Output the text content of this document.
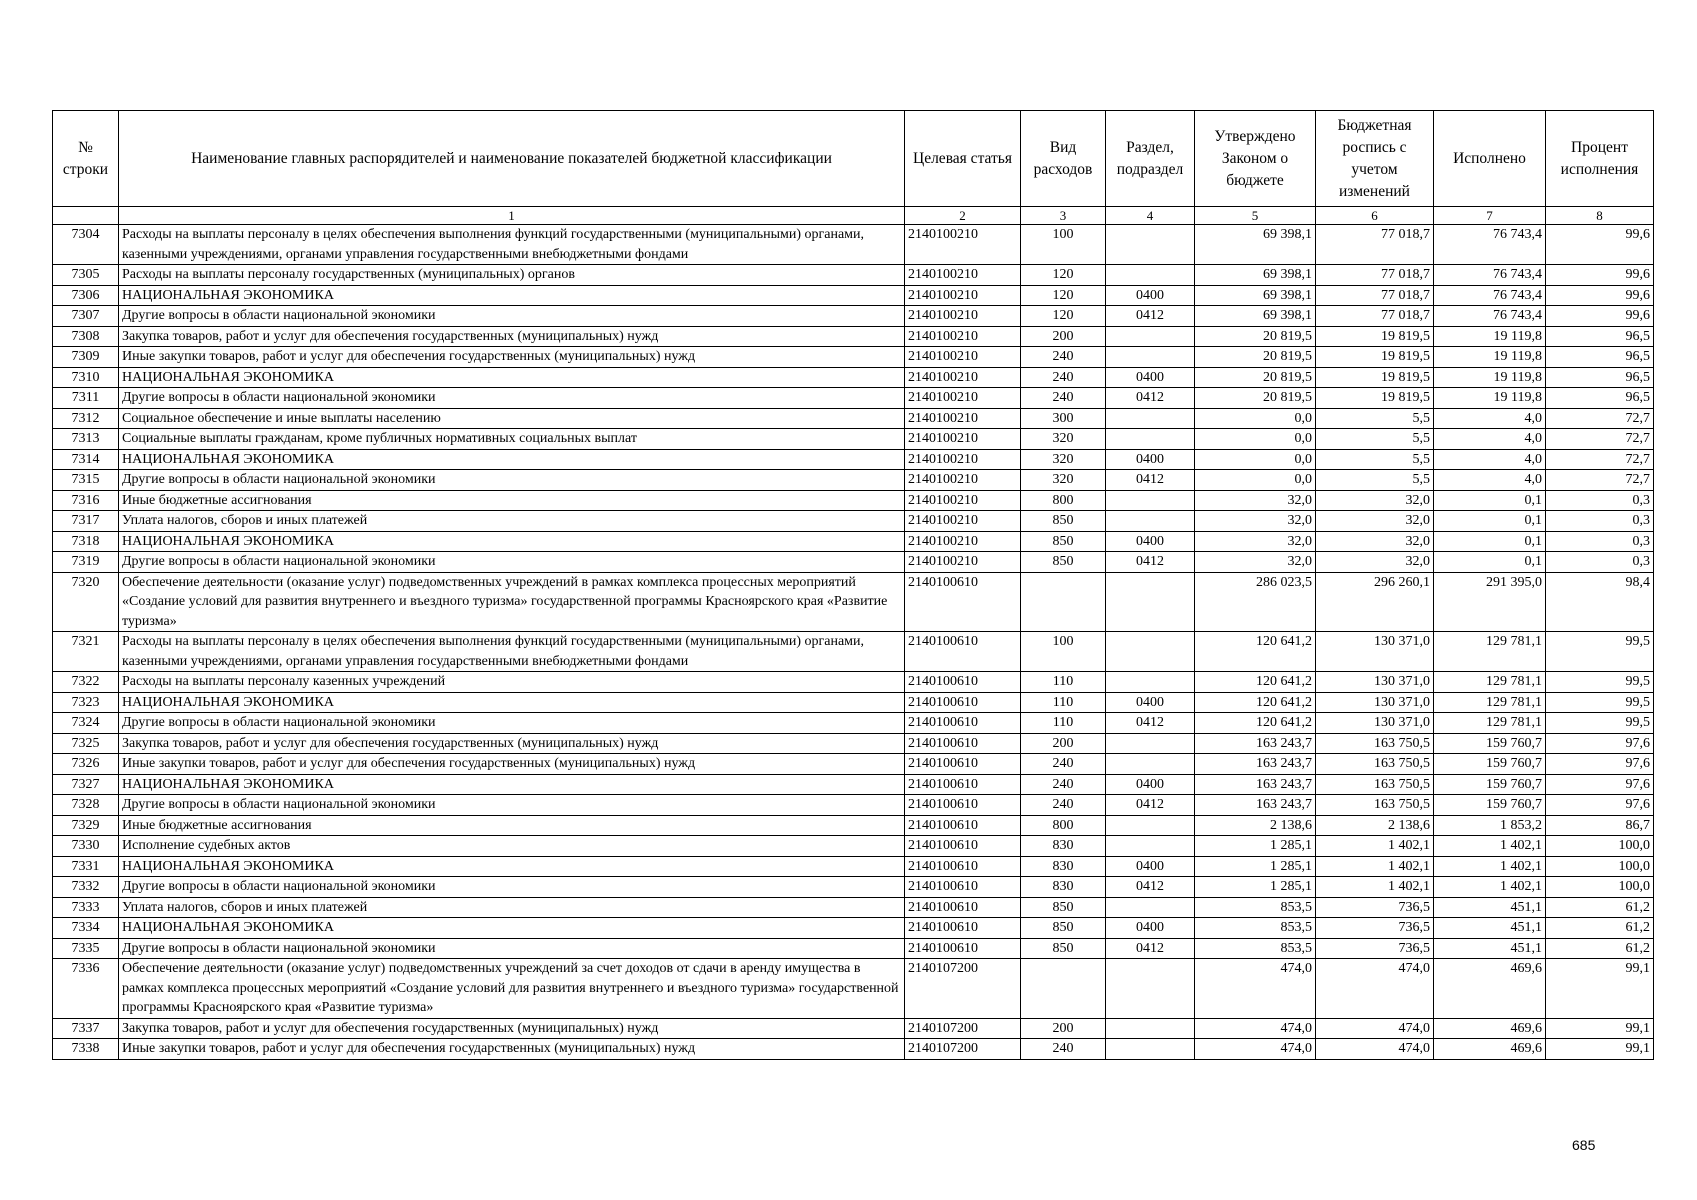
№ строки	Наименование главных распорядителей и наименование показателей бюджетной классификации	Целевая статья	Вид расходов	Раздел, подраздел	Утверждено Законом о бюджете	Бюджетная роспись с учетом изменений	Исполнено	Процент исполнения
	1	2	3	4	5	6	7	8
7304	Расходы на выплаты персоналу в целях обеспечения выполнения функций государственными (муниципальными) органами, казенными учреждениями, органами управления государственными внебюджетными фондами	2140100210	100		69 398,1	77 018,7	76 743,4	99,6
7305	Расходы на выплаты персоналу государственных (муниципальных) органов	2140100210	120		69 398,1	77 018,7	76 743,4	99,6
7306	НАЦИОНАЛЬНАЯ ЭКОНОМИКА	2140100210	120	0400	69 398,1	77 018,7	76 743,4	99,6
7307	Другие вопросы в области национальной экономики	2140100210	120	0412	69 398,1	77 018,7	76 743,4	99,6
7308	Закупка товаров, работ и услуг для обеспечения государственных (муниципальных) нужд	2140100210	200		20 819,5	19 819,5	19 119,8	96,5
7309	Иные закупки товаров, работ и услуг для обеспечения государственных (муниципальных) нужд	2140100210	240		20 819,5	19 819,5	19 119,8	96,5
7310	НАЦИОНАЛЬНАЯ ЭКОНОМИКА	2140100210	240	0400	20 819,5	19 819,5	19 119,8	96,5
7311	Другие вопросы в области национальной экономики	2140100210	240	0412	20 819,5	19 819,5	19 119,8	96,5
7312	Социальное обеспечение и иные выплаты населению	2140100210	300		0,0	5,5	4,0	72,7
7313	Социальные выплаты гражданам, кроме публичных нормативных социальных выплат	2140100210	320		0,0	5,5	4,0	72,7
7314	НАЦИОНАЛЬНАЯ ЭКОНОМИКА	2140100210	320	0400	0,0	5,5	4,0	72,7
7315	Другие вопросы в области национальной экономики	2140100210	320	0412	0,0	5,5	4,0	72,7
7316	Иные бюджетные ассигнования	2140100210	800		32,0	32,0	0,1	0,3
7317	Уплата налогов, сборов и иных платежей	2140100210	850		32,0	32,0	0,1	0,3
7318	НАЦИОНАЛЬНАЯ ЭКОНОМИКА	2140100210	850	0400	32,0	32,0	0,1	0,3
7319	Другие вопросы в области национальной экономики	2140100210	850	0412	32,0	32,0	0,1	0,3
7320	Обеспечение деятельности (оказание услуг) подведомственных учреждений в рамках комплекса процессных мероприятий «Создание условий для развития внутреннего и въездного туризма» государственной программы Красноярского края «Развитие туризма»	2140100610			286 023,5	296 260,1	291 395,0	98,4
7321	Расходы на выплаты персоналу в целях обеспечения выполнения функций государственными (муниципальными) органами, казенными учреждениями, органами управления государственными внебюджетными фондами	2140100610	100		120 641,2	130 371,0	129 781,1	99,5
7322	Расходы на выплаты персоналу казенных учреждений	2140100610	110		120 641,2	130 371,0	129 781,1	99,5
7323	НАЦИОНАЛЬНАЯ ЭКОНОМИКА	2140100610	110	0400	120 641,2	130 371,0	129 781,1	99,5
7324	Другие вопросы в области национальной экономики	2140100610	110	0412	120 641,2	130 371,0	129 781,1	99,5
7325	Закупка товаров, работ и услуг для обеспечения государственных (муниципальных) нужд	2140100610	200		163 243,7	163 750,5	159 760,7	97,6
7326	Иные закупки товаров, работ и услуг для обеспечения государственных (муниципальных) нужд	2140100610	240		163 243,7	163 750,5	159 760,7	97,6
7327	НАЦИОНАЛЬНАЯ ЭКОНОМИКА	2140100610	240	0400	163 243,7	163 750,5	159 760,7	97,6
7328	Другие вопросы в области национальной экономики	2140100610	240	0412	163 243,7	163 750,5	159 760,7	97,6
7329	Иные бюджетные ассигнования	2140100610	800		2 138,6	2 138,6	1 853,2	86,7
7330	Исполнение судебных актов	2140100610	830		1 285,1	1 402,1	1 402,1	100,0
7331	НАЦИОНАЛЬНАЯ ЭКОНОМИКА	2140100610	830	0400	1 285,1	1 402,1	1 402,1	100,0
7332	Другие вопросы в области национальной экономики	2140100610	830	0412	1 285,1	1 402,1	1 402,1	100,0
7333	Уплата налогов, сборов и иных платежей	2140100610	850		853,5	736,5	451,1	61,2
7334	НАЦИОНАЛЬНАЯ ЭКОНОМИКА	2140100610	850	0400	853,5	736,5	451,1	61,2
7335	Другие вопросы в области национальной экономики	2140100610	850	0412	853,5	736,5	451,1	61,2
7336	Обеспечение деятельности (оказание услуг) подведомственных учреждений за счет доходов от сдачи в аренду имущества в рамках комплекса процессных мероприятий «Создание условий для развития внутреннего и въездного туризма» государственной программы Красноярского края «Развитие туризма»	2140107200			474,0	474,0	469,6	99,1
7337	Закупка товаров, работ и услуг для обеспечения государственных (муниципальных) нужд	2140107200	200		474,0	474,0	469,6	99,1
7338	Иные закупки товаров, работ и услуг для обеспечения государственных (муниципальных) нужд	2140107200	240		474,0	474,0	469,6	99,1
685
